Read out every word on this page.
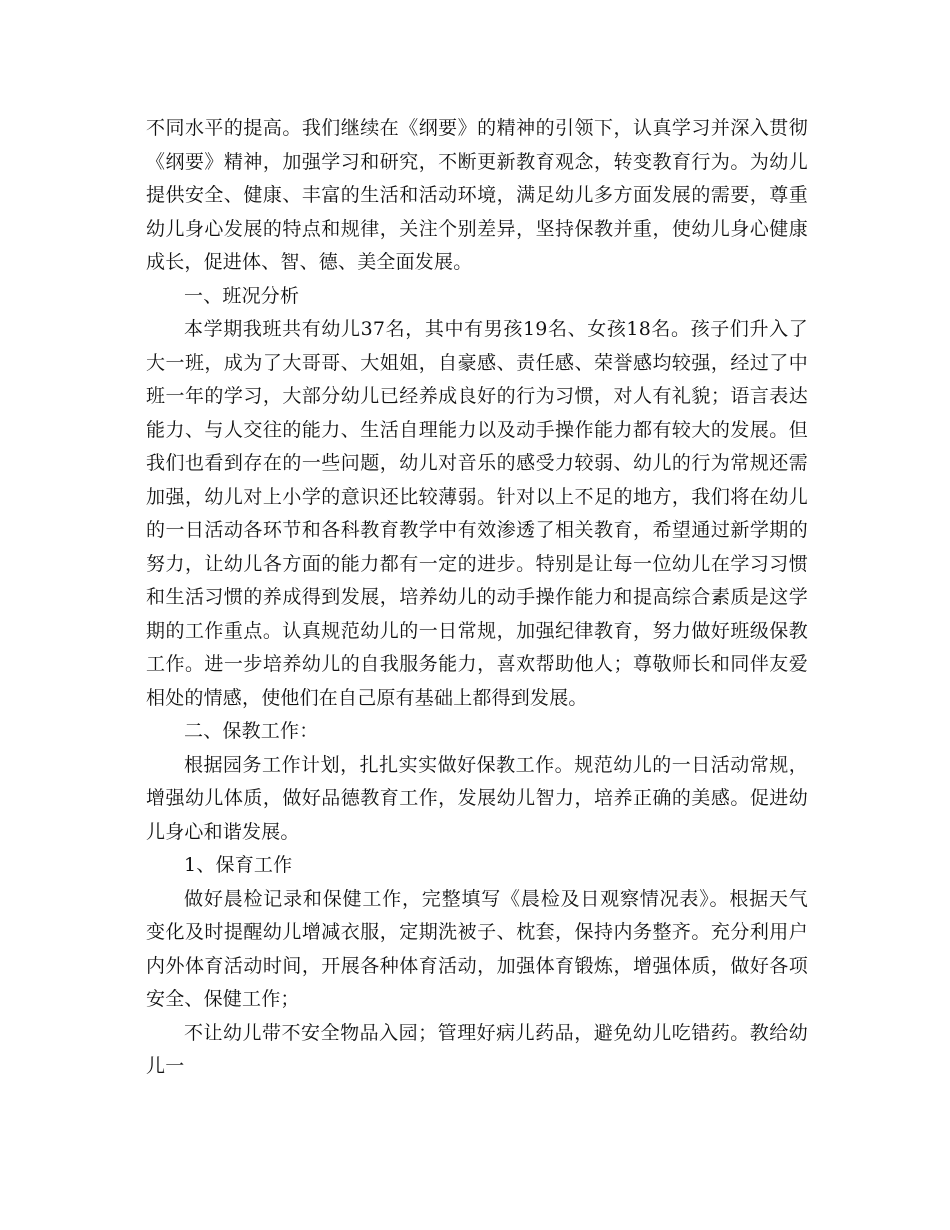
不同水平的提高。我们继续在《纲要》的精神的引领下，认真学习并深入贯彻《纲要》精神，加强学习和研究，不断更新教育观念，转变教育行为。为幼儿提供安全、健康、丰富的生活和活动环境，满足幼儿多方面发展的需要，尊重幼儿身心发展的特点和规律，关注个别差异，坚持保教并重，使幼儿身心健康成长，促进体、智、德、美全面发展。

一、班况分析

本学期我班共有幼儿37名，其中有男孩19名、女孩18名。孩子们升入了大一班，成为了大哥哥、大姐姐，自豪感、责任感、荣誉感均较强，经过了中班一年的学习，大部分幼儿已经养成良好的行为习惯，对人有礼貌；语言表达能力、与人交往的能力、生活自理能力以及动手操作能力都有较大的发展。但我们也看到存在的一些问题，幼儿对音乐的感受力较弱、幼儿的行为常规还需加强，幼儿对上小学的意识还比较薄弱。针对以上不足的地方，我们将在幼儿的一日活动各环节和各科教育教学中有效渗透了相关教育，希望通过新学期的努力，让幼儿各方面的能力都有一定的进步。特别是让每一位幼儿在学习习惯和生活习惯的养成得到发展，培养幼儿的动手操作能力和提高综合素质是这学期的工作重点。认真规范幼儿的一日常规，加强纪律教育，努力做好班级保教工作。进一步培养幼儿的自我服务能力，喜欢帮助他人；尊敬师长和同伴友爱相处的情感，使他们在自己原有基础上都得到发展。

二、保教工作：

根据园务工作计划，扎扎实实做好保教工作。规范幼儿的一日活动常规，增强幼儿体质，做好品德教育工作，发展幼儿智力，培养正确的美感。促进幼儿身心和谐发展。

1、保育工作

做好晨检记录和保健工作，完整填写《晨检及日观察情况表》。根据天气变化及时提醒幼儿增减衣服，定期洗被子、枕套，保持内务整齐。充分利用户内外体育活动时间，开展各种体育活动，加强体育锻炼，增强体质，做好各项安全、保健工作；

不让幼儿带不安全物品入园；管理好病儿药品，避免幼儿吃错药。教给幼儿一
